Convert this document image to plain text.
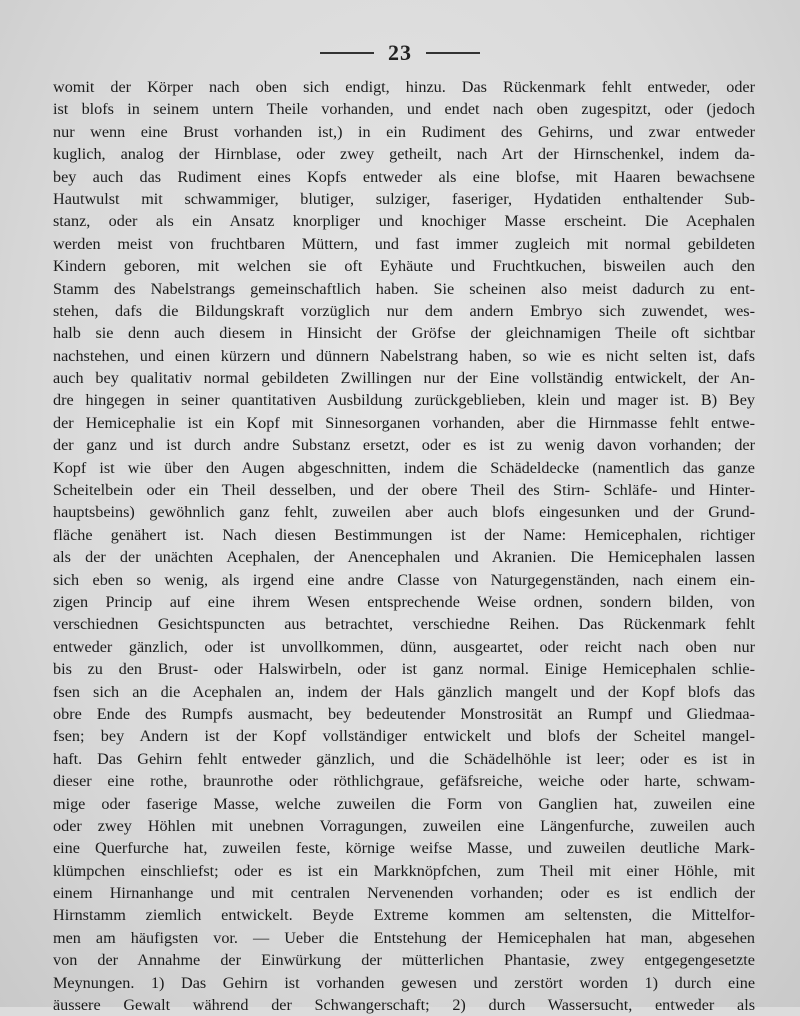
23
womit der Körper nach oben sich endigt, hinzu. Das Rückenmark fehlt entweder, oder
ist blofs in seinem untern Theile vorhanden, und endet nach oben zugespitzt, oder (jedoch
nur wenn eine Brust vorhanden ist,) in ein Rudiment des Gehirns, und zwar entweder
kuglich, analog der Hirnblase, oder zwey getheilt, nach Art der Hirnschenkel, indem da-
bey auch das Rudiment eines Kopfs entweder als eine blofse, mit Haaren bewachsene
Hautwulst mit schwammiger, blutiger, sulziger, faseriger, Hydatiden enthaltender Sub-
stanz, oder als ein Ansatz knorpliger und knochiger Masse erscheint. Die Acephalen
werden meist von fruchtbaren Müttern, und fast immer zugleich mit normal gebildeten
Kindern geboren, mit welchen sie oft Eyhäute und Fruchtkuchen, bisweilen auch den
Stamm des Nabelstrangs gemeinschaftlich haben. Sie scheinen also meist dadurch zu ent-
stehen, dafs die Bildungskraft vorzüglich nur dem andern Embryo sich zuwendet, wes-
halb sie denn auch diesem in Hinsicht der Gröfse der gleichnamigen Theile oft sichtbar
nachstehen, und einen kürzern und dünnern Nabelstrang haben, so wie es nicht selten ist, dafs
auch bey qualitativ normal gebildeten Zwillingen nur der Eine vollständig entwickelt, der An-
dre hingegen in seiner quantitativen Ausbildung zurückgeblieben, klein und mager ist. B) Bey
der Hemicephalie ist ein Kopf mit Sinnesorganen vorhanden, aber die Hirnmasse fehlt entwe-
der ganz und ist durch andre Substanz ersetzt, oder es ist zu wenig davon vorhanden; der
Kopf ist wie über den Augen abgeschnitten, indem die Schädeldecke (namentlich das ganze
Scheitelbein oder ein Theil desselben, und der obere Theil des Stirn- Schläfe- und Hinter-
hauptsbeins) gewöhnlich ganz fehlt, zuweilen aber auch blofs eingesunken und der Grund-
fläche genähert ist. Nach diesen Bestimmungen ist der Name: Hemicephalen, richtiger
als der der unächten Acephalen, der Anencephalen und Akranien. Die Hemicephalen lassen
sich eben so wenig, als irgend eine andre Classe von Naturgegenständen, nach einem ein-
zigen Princip auf eine ihrem Wesen entsprechende Weise ordnen, sondern bilden, von
verschiednen Gesichtspuncten aus betrachtet, verschiedne Reihen. Das Rückenmark fehlt
entweder gänzlich, oder ist unvollkommen, dünn, ausgeartet, oder reicht nach oben nur
bis zu den Brust- oder Halswirbeln, oder ist ganz normal. Einige Hemicephalen schlie-
fsen sich an die Acephalen an, indem der Hals gänzlich mangelt und der Kopf blofs das
obre Ende des Rumpfs ausmacht, bey bedeutender Monstrosität an Rumpf und Gliedmaa-
fsen; bey Andern ist der Kopf vollständiger entwickelt und blofs der Scheitel mangel-
haft. Das Gehirn fehlt entweder gänzlich, und die Schädelhöhle ist leer; oder es ist in
dieser eine rothe, braunrothe oder röthlichgraue, gefäfsreiche, weiche oder harte, schwam-
mige oder faserige Masse, welche zuweilen die Form von Ganglien hat, zuweilen eine
oder zwey Höhlen mit unebnen Vorragungen, zuweilen eine Längenfurche, zuweilen auch
eine Querfurche hat, zuweilen feste, körnige weifse Masse, und zuweilen deutliche Mark-
klümpchen einschliefst; oder es ist ein Markknöpfchen, zum Theil mit einer Höhle, mit
einem Hirnanhange und mit centralen Nervenenden vorhanden; oder es ist endlich der
Hirnstamm ziemlich entwickelt. Beyde Extreme kommen am seltensten, die Mittelfor-
men am häufigsten vor. — Ueber die Entstehung der Hemicephalen hat man, abgesehen
von der Annahme der Einwürkung der mütterlichen Phantasie, zwey entgegengesetzte
Meynungen. 1) Das Gehirn ist vorhanden gewesen und zerstört worden 1) durch eine
äussere Gewalt während der Schwangerschaft; 2) durch Wassersucht, entweder als
